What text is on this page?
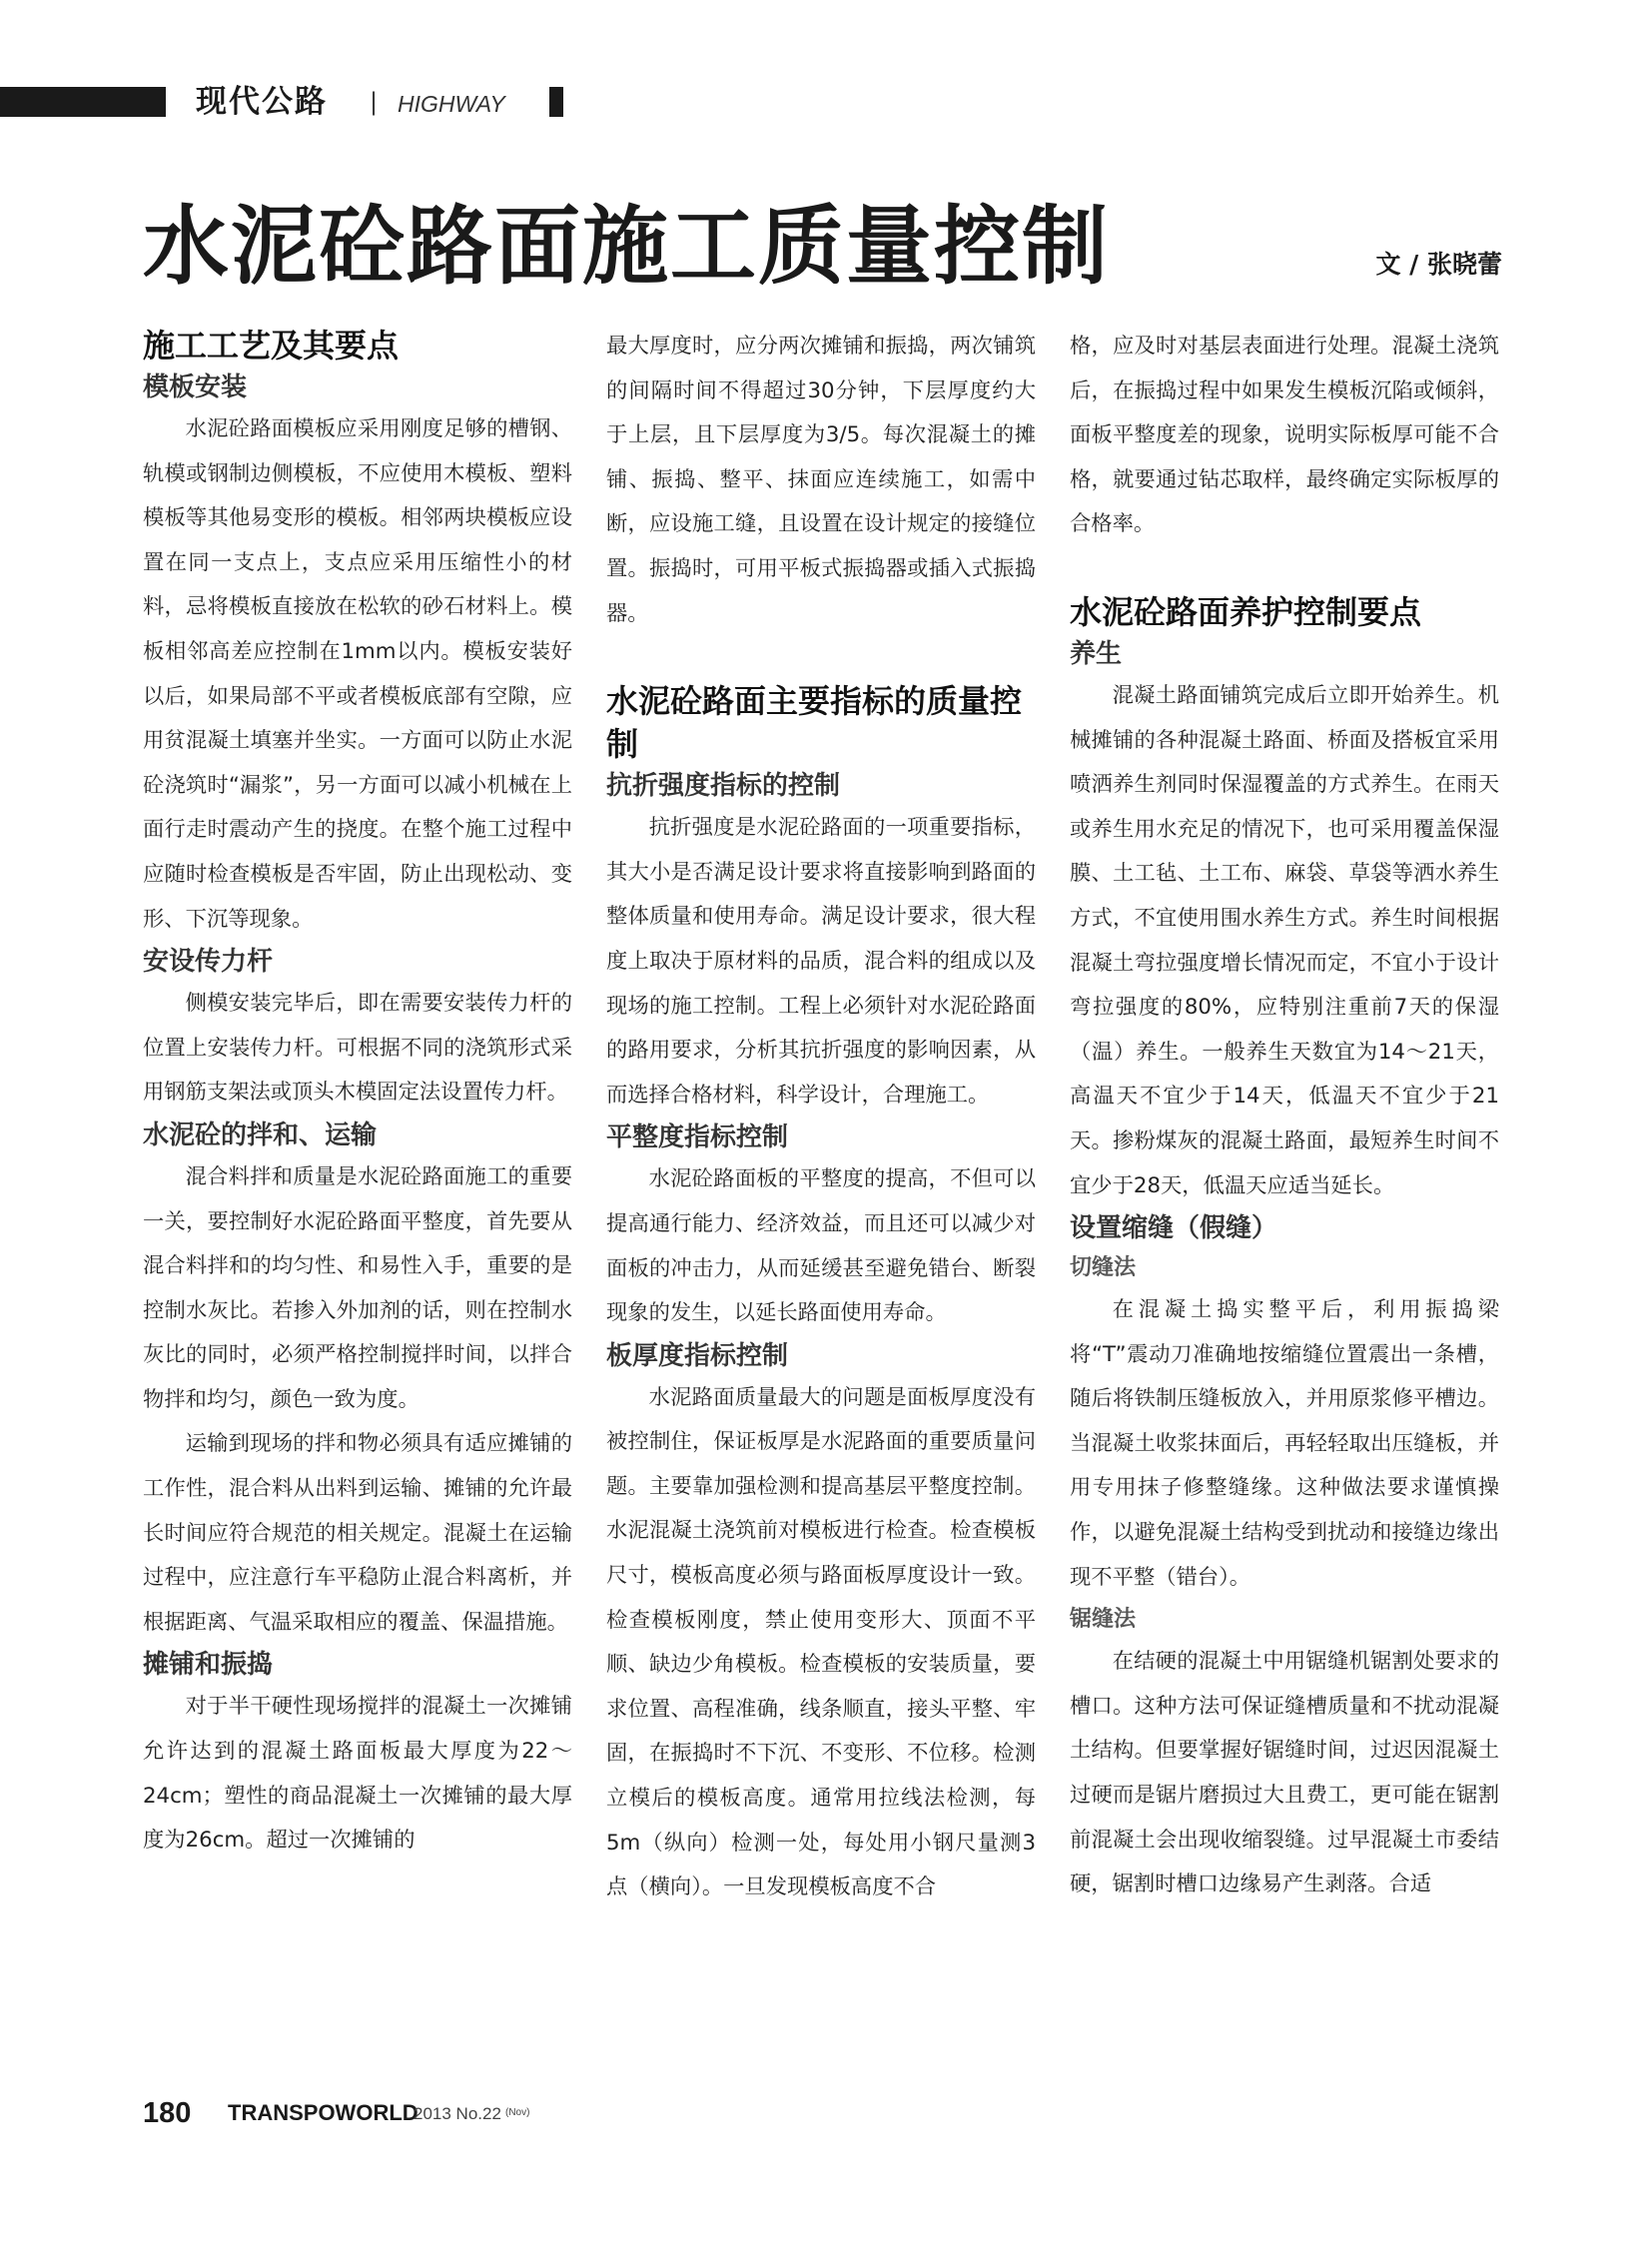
现代公路 | HIGHWAY
水泥砼路面施工质量控制	文 / 张晓蕾
施工工艺及其要点
模板安装

水泥砼路面模板应采用刚度足够的槽钢、轨模或钢制边侧模板，不应使用木模板、塑料模板等其他易变形的模板。相邻两块模板应设置在同一支点上，支点应采用压缩性小的材料，忌将模板直接放在松软的砂石材料上。模板相邻高差应控制在1mm以内。模板安装好以后，如果局部不平或者模板底部有空隙，应用贫混凝土填塞并坐实。一方面可以防止水泥砼浇筑时“漏浆”，另一方面可以减小机械在上面行走时震动产生的挠度。在整个施工过程中应随时检查模板是否牢固，防止出现松动、变形、下沉等现象。

安设传力杆

侧模安装完毕后，即在需要安装传力杆的位置上安装传力杆。可根据不同的浇筑形式采用钢筋支架法或顶头木模固定法设置传力杆。

水泥砼的拌和、运输

混合料拌和质量是水泥砼路面施工的重要一关，要控制好水泥砼路面平整度，首先要从混合料拌和的均匀性、和易性入手，重要的是控制水灰比。若掺入外加剂的话，则在控制水灰比的同时，必须严格控制搅拌时间，以拌合物拌和均匀，颜色一致为度。

运输到现场的拌和物必须具有适应摊铺的工作性，混合料从出料到运输、摊铺的允许最长时间应符合规范的相关规定。混凝土在运输过程中，应注意行车平稳防止混合料离析，并根据距离、气温采取相应的覆盖、保温措施。

摊铺和振捣

对于半干硬性现场搅拌的混凝土一次摊铺允许达到的混凝土路面板最大厚度为22～24cm；塑性的商品混凝土一次摊铺的最大厚度为26cm。超过一次摊铺的

最大厚度时，应分两次摊铺和振捣，两次铺筑的间隔时间不得超过30分钟，下层厚度约大于上层，且下层厚度为3/5。每次混凝土的摊铺、振捣、整平、抹面应连续施工，如需中断，应设施工缝，且设置在设计规定的接缝位置。振捣时，可用平板式振捣器或插入式振捣器。

水泥砼路面主要指标的质量控制
抗折强度指标的控制

抗折强度是水泥砼路面的一项重要指标，其大小是否满足设计要求将直接影响到路面的整体质量和使用寿命。满足设计要求，很大程度上取决于原材料的品质，混合料的组成以及现场的施工控制。工程上必须针对水泥砼路面的路用要求，分析其抗折强度的影响因素，从而选择合格材料，科学设计，合理施工。

平整度指标控制

水泥砼路面板的平整度的提高，不但可以提高通行能力、经济效益，而且还可以减少对面板的冲击力，从而延缓甚至避免错台、断裂现象的发生，以延长路面使用寿命。

板厚度指标控制

水泥路面质量最大的问题是面板厚度没有被控制住，保证板厚是水泥路面的重要质量问题。主要靠加强检测和提高基层平整度控制。水泥混凝土浇筑前对模板进行检查。检查模板尺寸，模板高度必须与路面板厚度设计一致。检查模板刚度，禁止使用变形大、顶面不平顺、缺边少角模板。检查模板的安装质量，要求位置、高程准确，线条顺直，接头平整、牢固，在振捣时不下沉、不变形、不位移。检测立模后的模板高度。通常用拉线法检测，每5m（纵向）检测一处，每处用小钢尺量测3点（横向）。一旦发现模板高度不合

格，应及时对基层表面进行处理。混凝土浇筑后，在振捣过程中如果发生模板沉陷或倾斜，面板平整度差的现象，说明实际板厚可能不合格，就要通过钻芯取样，最终确定实际板厚的合格率。

水泥砼路面养护控制要点
养生

混凝土路面铺筑完成后立即开始养生。机械摊铺的各种混凝土路面、桥面及搭板宜采用喷洒养生剂同时保湿覆盖的方式养生。在雨天或养生用水充足的情况下，也可采用覆盖保湿膜、土工毡、土工布、麻袋、草袋等洒水养生方式，不宜使用围水养生方式。养生时间根据混凝土弯拉强度增长情况而定，不宜小于设计弯拉强度的80%，应特别注重前7天的保湿（温）养生。一般养生天数宜为14～21天，高温天不宜少于14天，低温天不宜少于21天。掺粉煤灰的混凝土路面，最短养生时间不宜少于28天，低温天应适当延长。

设置缩缝（假缝）
切缝法

在混凝土捣实整平后，利用振捣梁将“T”震动刀准确地按缩缝位置震出一条槽，随后将铁制压缝板放入，并用原浆修平槽边。当混凝土收浆抹面后，再轻轻取出压缝板，并用专用抹子修整缝缘。这种做法要求谨慎操作，以避免混凝土结构受到扰动和接缝边缘出现不平整（错台）。

锯缝法

在结硬的混凝土中用锯缝机锯割处要求的槽口。这种方法可保证缝槽质量和不扰动混凝土结构。但要掌握好锯缝时间，过迟因混凝土过硬而是锯片磨损过大且费工，更可能在锯割前混凝土会出现收缩裂缝。过早混凝土市委结硬，锯割时槽口边缘易产生剥落。合适

180 TRANSPOWORLD
2013 No.22 (Nov)
